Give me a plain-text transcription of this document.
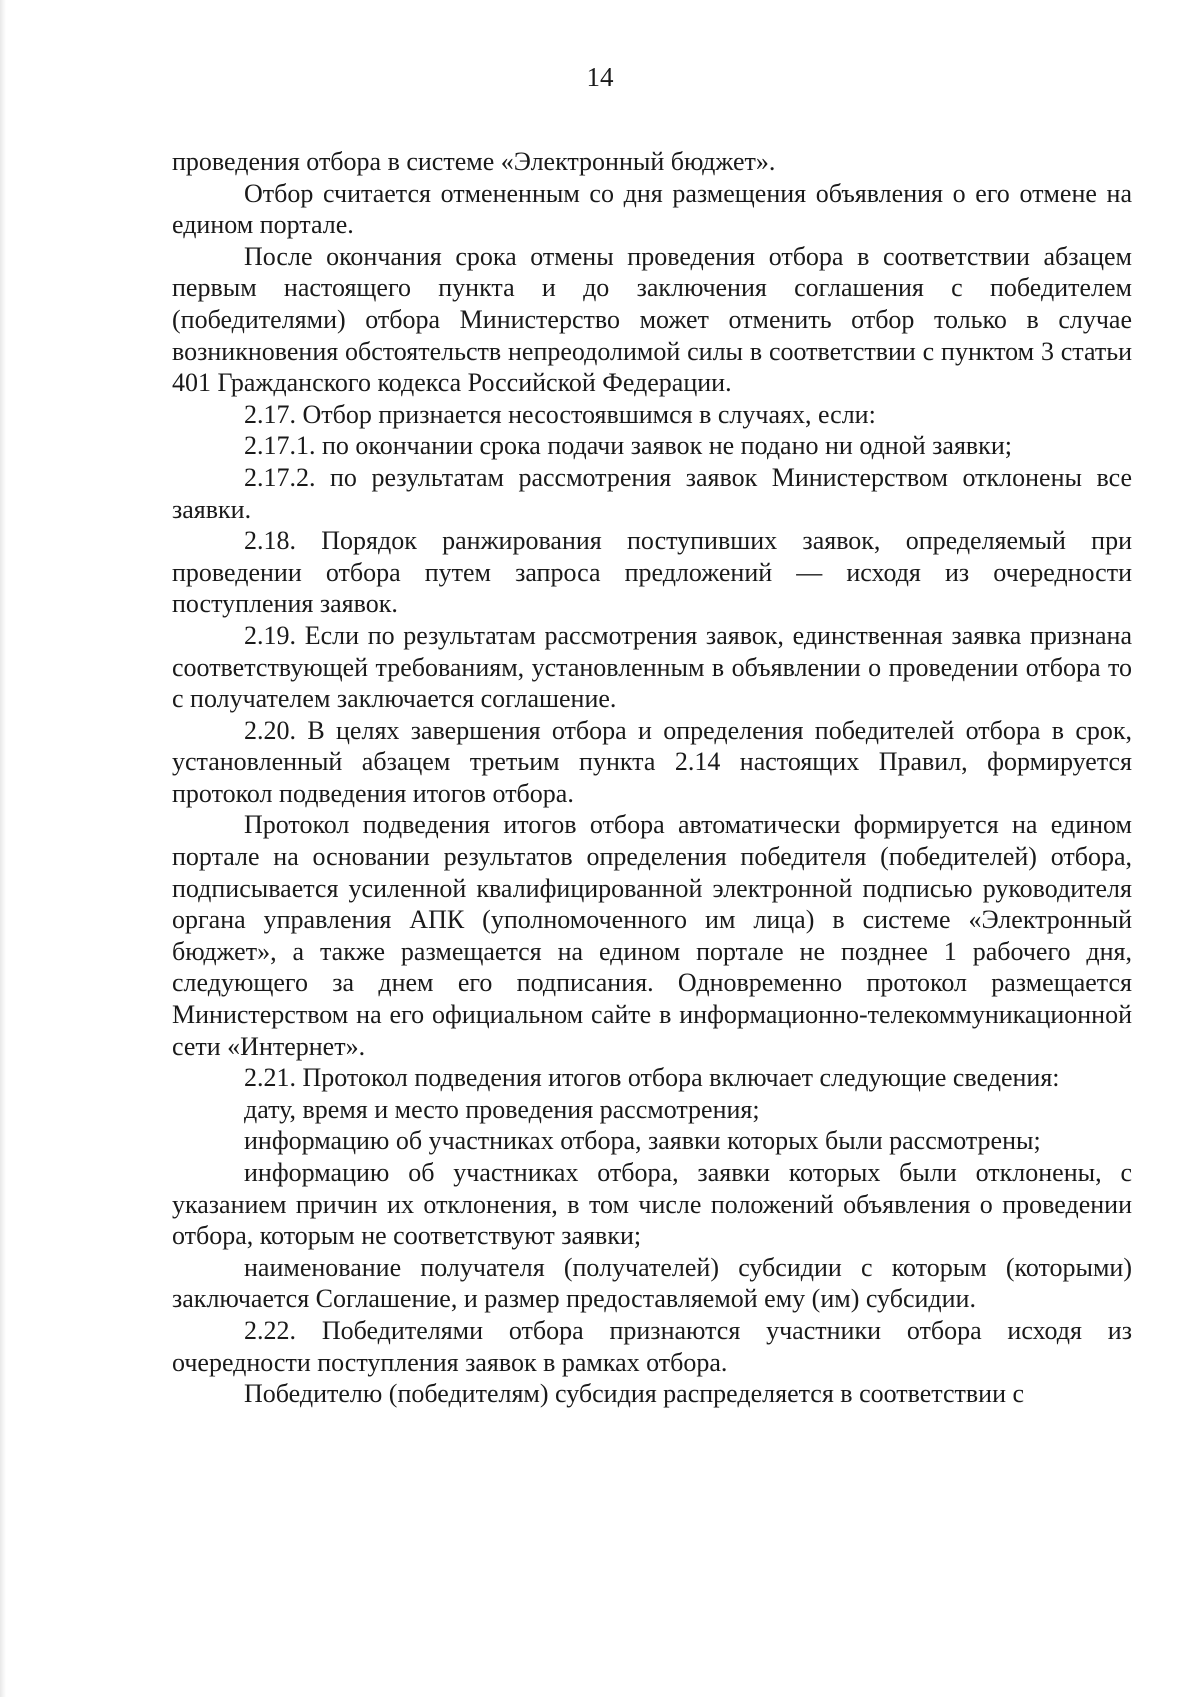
14

проведения отбора в системе «Электронный бюджет».

Отбор считается отмененным со дня размещения объявления о его отмене на едином портале.

После окончания срока отмены проведения отбора в соответствии абзацем первым настоящего пункта и до заключения соглашения с победителем (победителями) отбора Министерство может отменить отбор только в случае возникновения обстоятельств непреодолимой силы в соответствии с пунктом 3 статьи 401 Гражданского кодекса Российской Федерации.

2.17. Отбор признается несостоявшимся в случаях, если:

2.17.1. по окончании срока подачи заявок не подано ни одной заявки;

2.17.2. по результатам рассмотрения заявок Министерством отклонены все заявки.

2.18. Порядок ранжирования поступивших заявок, определяемый при проведении отбора путем запроса предложений — исходя из очередности поступления заявок.

2.19. Если по результатам рассмотрения заявок, единственная заявка признана соответствующей требованиям, установленным в объявлении о проведении отбора то с получателем заключается соглашение.

2.20. В целях завершения отбора и определения победителей отбора в срок, установленный абзацем третьим пункта 2.14 настоящих Правил, формируется протокол подведения итогов отбора.

Протокол подведения итогов отбора автоматически формируется на едином портале на основании результатов определения победителя (победителей) отбора, подписывается усиленной квалифицированной электронной подписью руководителя органа управления АПК (уполномоченного им лица) в системе «Электронный бюджет», а также размещается на едином портале не позднее 1 рабочего дня, следующего за днем его подписания. Одновременно протокол размещается Министерством на его официальном сайте в информационно-телекоммуникационной сети «Интернет».

2.21. Протокол подведения итогов отбора включает следующие сведения:

дату, время и место проведения рассмотрения;

информацию об участниках отбора, заявки которых были рассмотрены;

информацию об участниках отбора, заявки которых были отклонены, с указанием причин их отклонения, в том числе положений объявления о проведении отбора, которым не соответствуют заявки;

наименование получателя (получателей) субсидии с которым (которыми) заключается Соглашение, и размер предоставляемой ему (им) субсидии.

2.22. Победителями отбора признаются участники отбора исходя из очередности поступления заявок в рамках отбора.

Победителю (победителям) субсидия распределяется в соответствии с
